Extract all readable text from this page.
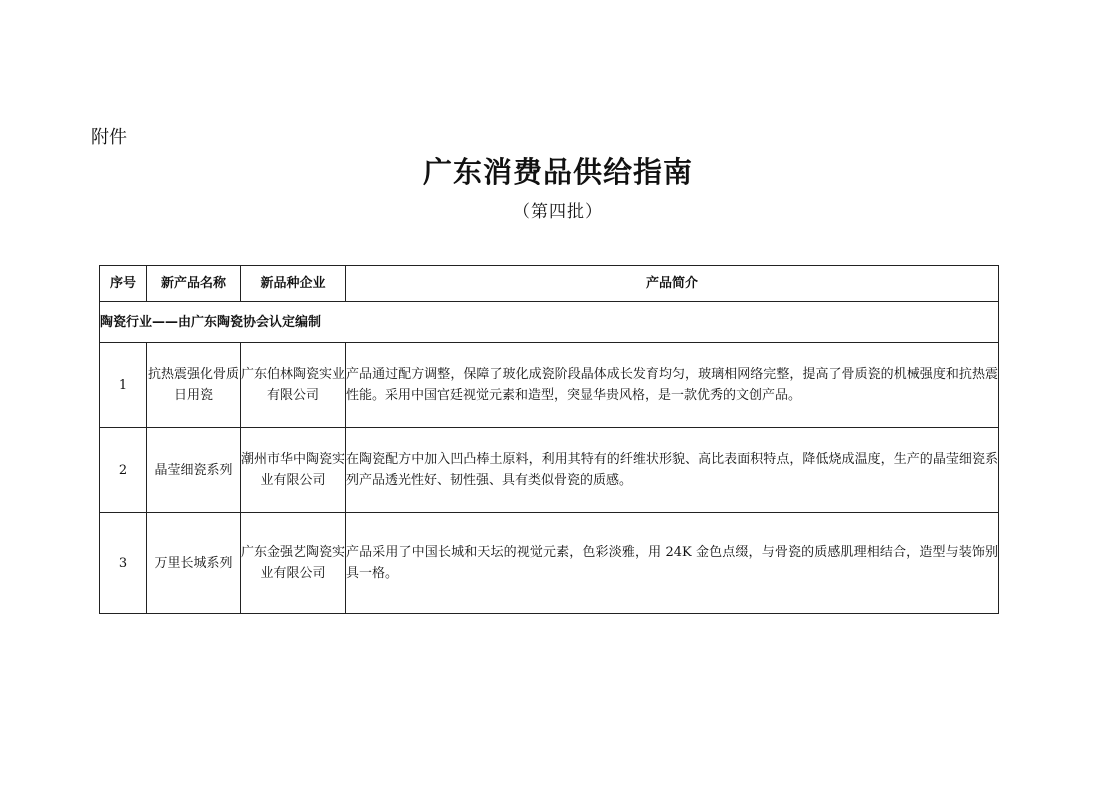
附件
广东消费品供给指南
（第四批）
序号	新产品名称	新品种企业	产品简介
陶瓷行业——由广东陶瓷协会认定编制			
1	抗热震强化骨质日用瓷	广东伯林陶瓷实业有限公司	产品通过配方调整，保障了玻化成瓷阶段晶体成长发育均匀，玻璃相网络完整，提高了骨质瓷的机械强度和抗热震性能。采用中国官廷视觉元素和造型，突显华贵风格，是一款优秀的文创产品。
2	晶莹细瓷系列	潮州市华中陶瓷实业有限公司	在陶瓷配方中加入凹凸棒土原料，利用其特有的纤维状形貌、高比表面积特点，降低烧成温度，生产的晶莹细瓷系列产品透光性好、韧性强、具有类似骨瓷的质感。
3	万里长城系列	广东金强艺陶瓷实业有限公司	产品采用了中国长城和天坛的视觉元素，色彩淡雅，用 24K 金色点缀，与骨瓷的质感肌理相结合，造型与装饰别具一格。
